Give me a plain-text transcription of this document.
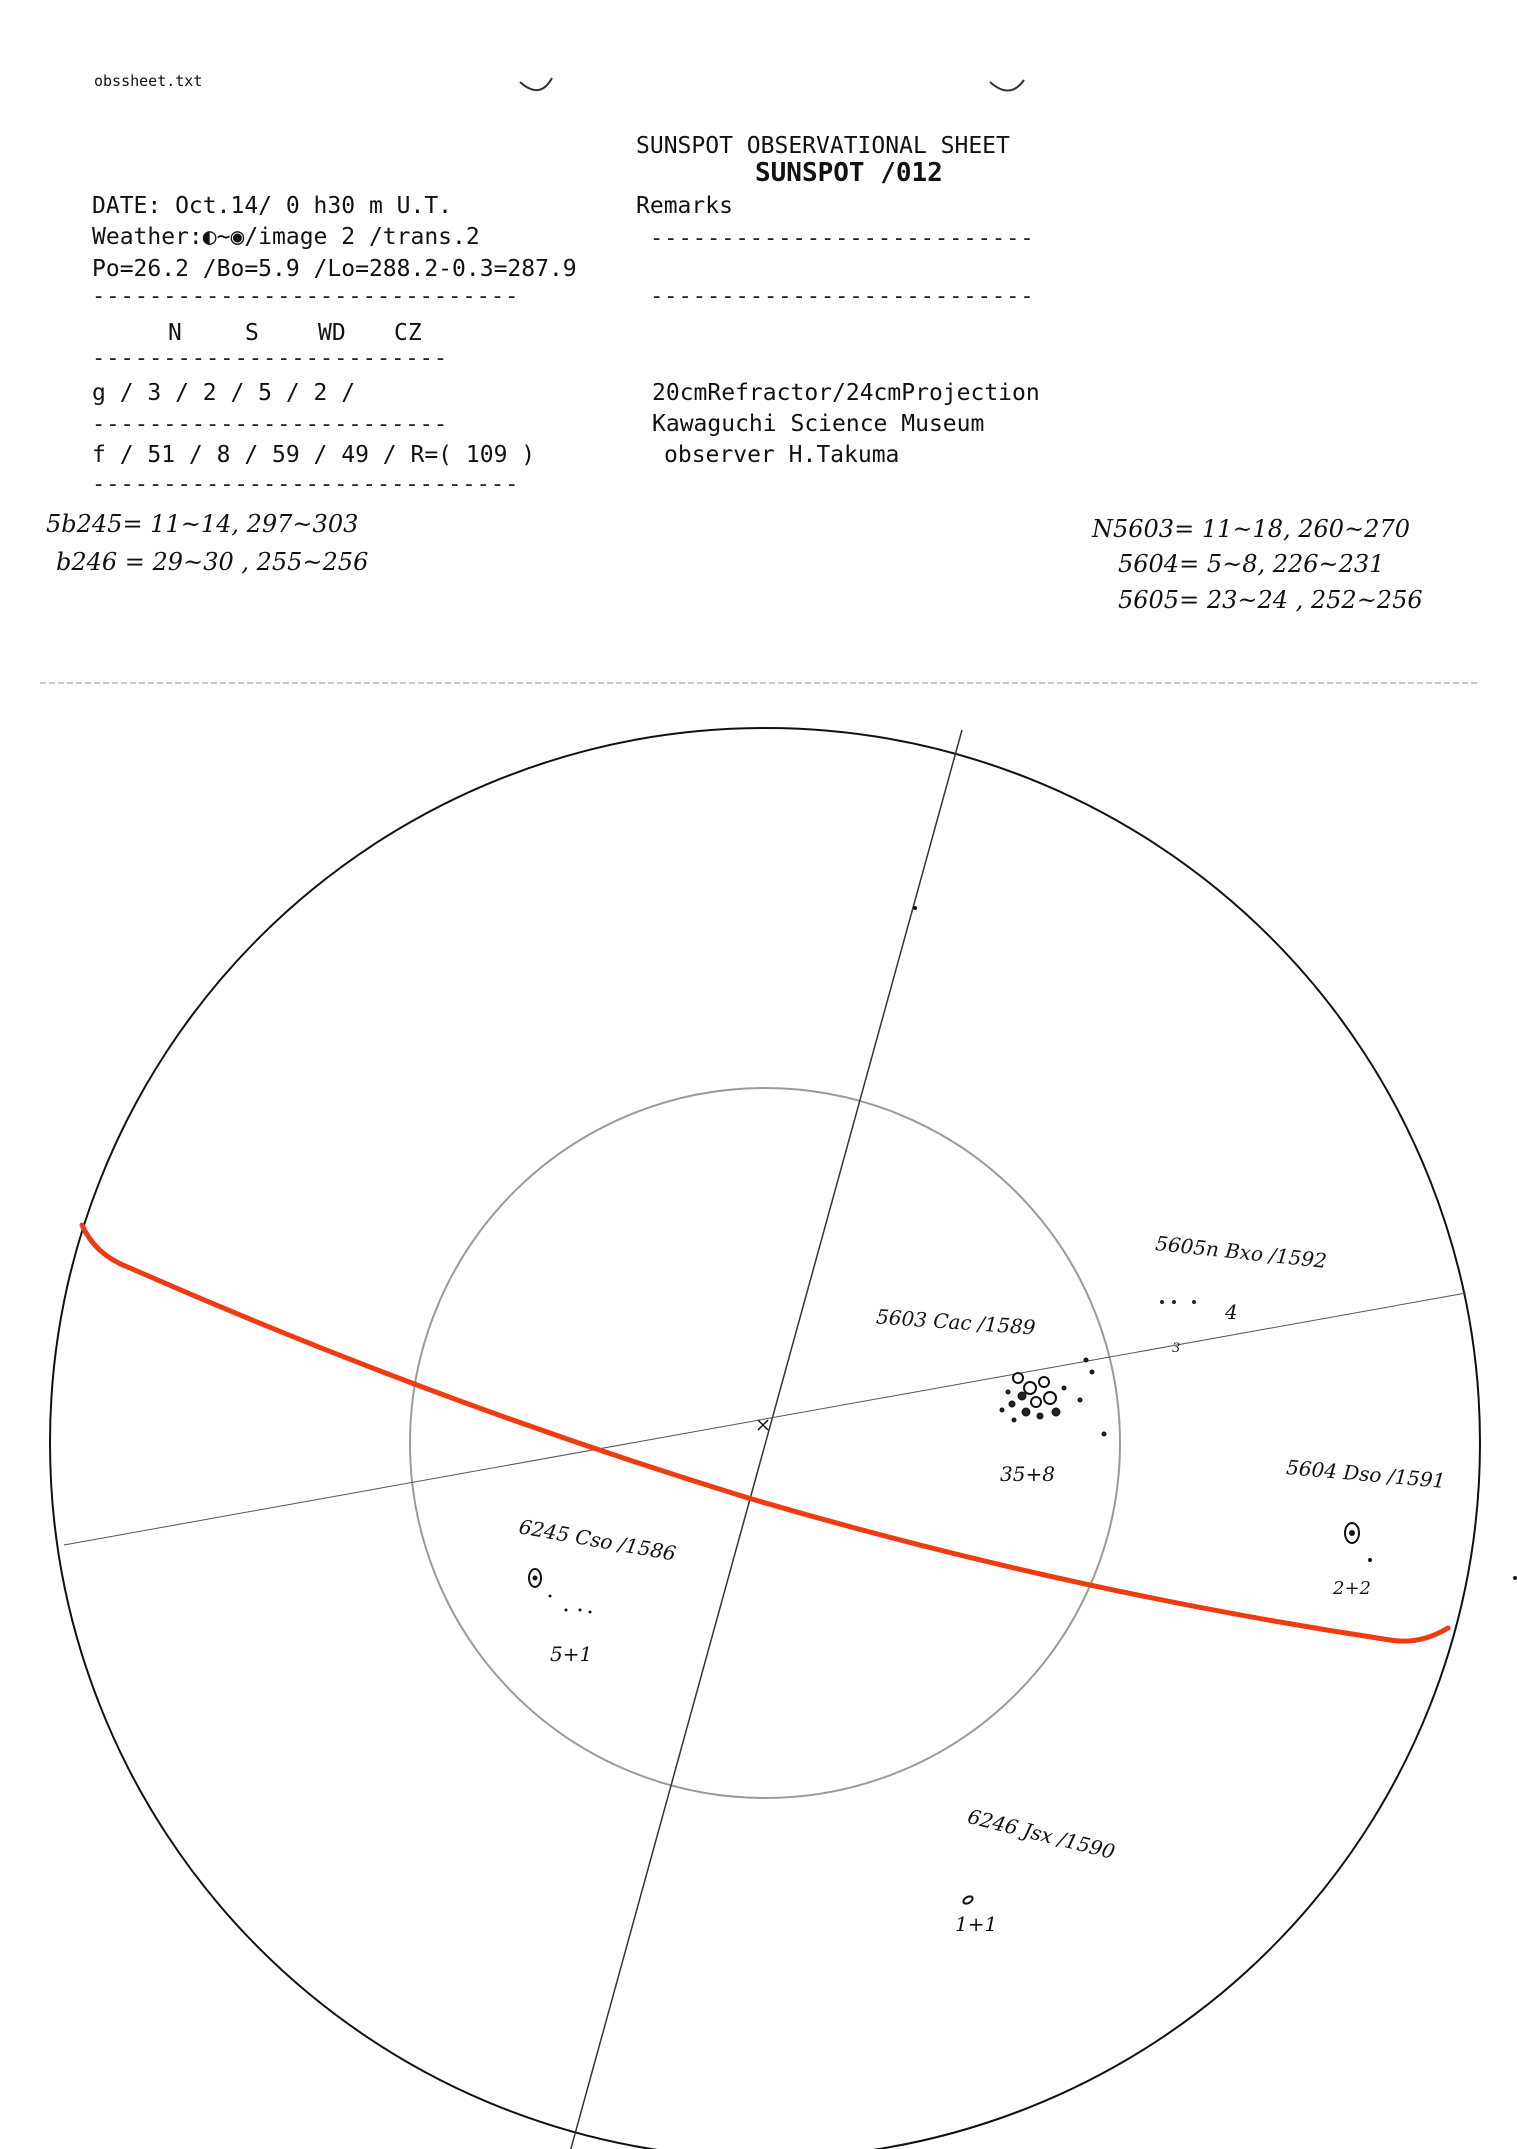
obssheet.txt
SUNSPOT OBSERVATIONAL SHEET
SUNSPOT /012
DATE: Oct.14/ 0 h30 m U.T.
Weather:◐~◉/image 2 /trans.2
Po=26.2 /Bo=5.9 /Lo=288.2-0.3=287.9
Remarks
---------------------------
---------------------------
------------------------------
N	S	WD CZ
-------------------------
g / 3 / 2 / 5 / 2 /
-------------------------
f / 51 / 8 / 59 / 49 / R=( 109 )
------------------------------
20cmRefractor/24cmProjection
Kawaguchi Science Museum
observer H.Takuma
5b245= 11~14, 297~303
b246 = 29~30 , 255~256
N5603= 11~18, 260~270
5604= 5~8, 226~231
5605= 23~24 , 252~256
3
5605n Bxo /1592
4
5603 Cac /1589
35+8	5604 Dso /1591
2+2
6245 Cso /1586
5+1
6246 Jsx /1590
1+1
